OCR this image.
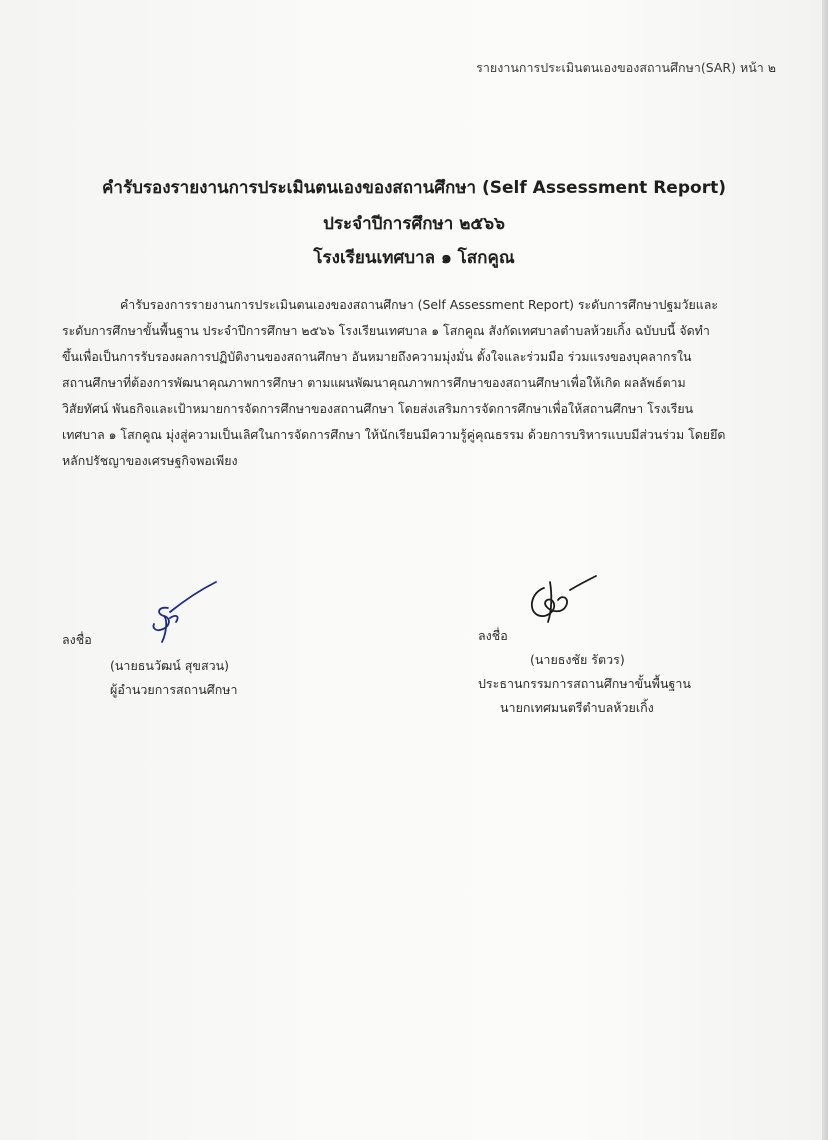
รายงานการประเมินตนเองของสถานศึกษา(SAR) หน้า ๒
คำรับรองรายงานการประเมินตนเองของสถานศึกษา (Self Assessment Report)
ประจำปีการศึกษา ๒๕๖๖
โรงเรียนเทศบาล ๑ โสกคูณ
คำรับรองการรายงานการประเมินตนเองของสถานศึกษา (Self Assessment Report) ระดับการศึกษาปฐมวัยและ
ระดับการศึกษาขั้นพื้นฐาน ประจำปีการศึกษา ๒๕๖๖ โรงเรียนเทศบาล ๑ โสกคูณ สังกัดเทศบาลตำบลห้วยเกิ้ง ฉบับบนี้ จัดทำ
ขึ้นเพื่อเป็นการรับรองผลการปฏิบัติงานของสถานศึกษา อันหมายถึงความมุ่งมั่น ตั้งใจและร่วมมือ ร่วมแรงของบุคลากรใน
สถานศึกษาที่ต้องการพัฒนาคุณภาพการศึกษา ตามแผนพัฒนาคุณภาพการศึกษาของสถานศึกษาเพื่อให้เกิด ผลลัพธ์ตาม
วิสัยทัศน์ พันธกิจและเป้าหมายการจัดการศึกษาของสถานศึกษา โดยส่งเสริมการจัดการศึกษาเพื่อให้สถานศึกษา โรงเรียน
เทศบาล ๑ โสกคูณ มุ่งสู่ความเป็นเลิศในการจัดการศึกษา ให้นักเรียนมีความรู้คู่คุณธรรม ด้วยการบริหารแบบมีส่วนร่วม โดยยึด
หลักปรัชญาของเศรษฐกิจพอเพียง
ลงชื่อ
(นายธนวัฒน์ สุขสวน)
ผู้อำนวยการสถานศึกษา
ลงชื่อ
(นายธงชัย รัตวร)
ประธานกรรมการสถานศึกษาขั้นพื้นฐาน
นายกเทศมนตรีตำบลห้วยเกิ้ง
